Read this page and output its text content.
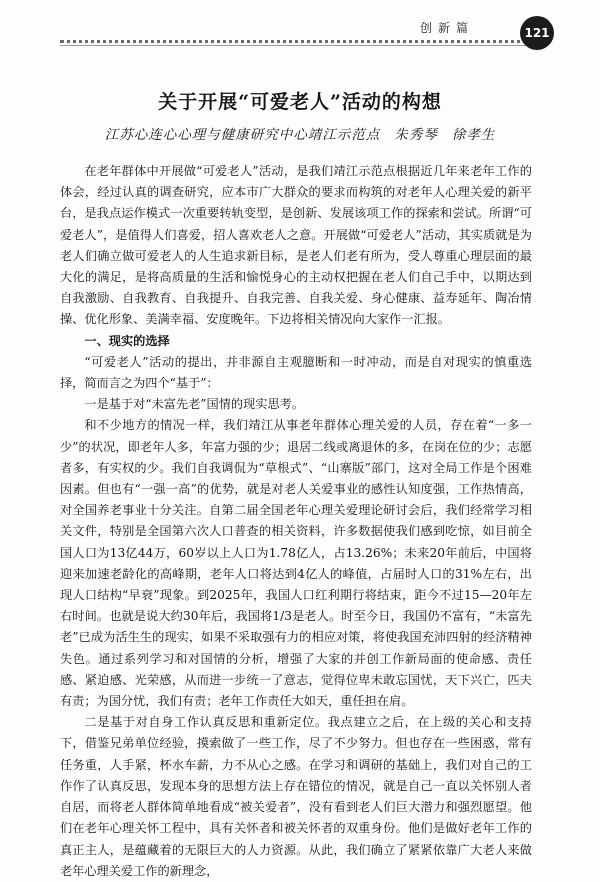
创新篇	121
关于开展“可爱老人”活动的构想

江苏心连心心理与健康研究中心靖江示范点 朱秀琴 徐孝生

在老年群体中开展做“可爱老人”活动，是我们靖江示范点根据近几年来老年工作的体会，经过认真的调查研究，应本市广大群众的要求而构筑的对老年人心理关爱的新平台，是我点运作模式一次重要转轨变型，是创新、发展该项工作的探索和尝试。所谓“可爱老人”，是值得人们喜爱，招人喜欢老人之意。开展做“可爱老人”活动，其实质就是为老人们确立做可爱老人的人生追求新目标，是老人们老有所为，受人尊重心理层面的最大化的满足，是将高质量的生活和愉悦身心的主动权把握在老人们自己手中，以期达到自我激励、自我教育、自我提升、自我完善、自我关爱、身心健康、益寿延年、陶冶情操、优化形象、美满幸福、安度晚年。下边将相关情况向大家作一汇报。

一、现实的选择

“可爱老人”活动的提出，并非源自主观臆断和一时冲动，而是自对现实的慎重选择，简而言之为四个“基于”：

一是基于对“未富先老”国情的现实思考。

和不少地方的情况一样，我们靖江从事老年群体心理关爱的人员，存在着“一多一少”的状况，即老年人多，年富力强的少；退居二线或离退休的多，在岗在位的少；志愿者多，有实权的少。我们自我调侃为“草根式”、“山寨版”部门，这对全局工作是个困难因素。但也有“一强一高”的优势，就是对老人关爱事业的感性认知度强，工作热情高，对全国养老事业十分关注。自第二届全国老年心理关爱理论研讨会后，我们经常学习相关文件，特别是全国第六次人口普查的相关资料，许多数据使我们感到吃惊，如目前全国人口为13亿44万，60岁以上人口为1.78亿人，占13.26%；未来20年前后，中国将迎来加速老龄化的高峰期，老年人口将达到4亿人的峰值，占届时人口的31%左右，出现人口结构“早衰”现象。到2025年，我国人口红利期行将结束，距今不过15—20年左右时间。也就是说大约30年后，我国将1/3是老人。时至今日，我国仍不富有，“未富先老”已成为活生生的现实，如果不采取强有力的相应对策，将使我国充沛四射的经济精神失色。通过系列学习和对国情的分析，增强了大家的并创工作新局面的使命感、责任感、紧迫感、光荣感，从而进一步统一了意志，觉得位卑未敢忘国忧，天下兴亡，匹夫有责；为国分忧，我们有责；老年工作责任大如天，重任担在肩。

二是基于对自身工作认真反思和重新定位。我点建立之后，在上级的关心和支持下，借鉴兄弟单位经验，摸索做了一些工作，尽了不少努力。但也存在一些困惑，常有任务重，人手紧，杯水车薪，力不从心之感。在学习和调研的基础上，我们对自己的工作作了认真反思，发现本身的思想方法上存在错位的情况，就是自己一直以关怀别人者自居，而将老人群体简单地看成“被关爱者”，没有看到老人们巨大潜力和强烈愿望。他们在老年心理关怀工程中，具有关怀者和被关怀者的双重身份。他们是做好老年工作的真正主人，是蕴藏着的无限巨大的人力资源。从此，我们确立了紧紧依靠广大老人来做老年心理关爱工作的新理念，
